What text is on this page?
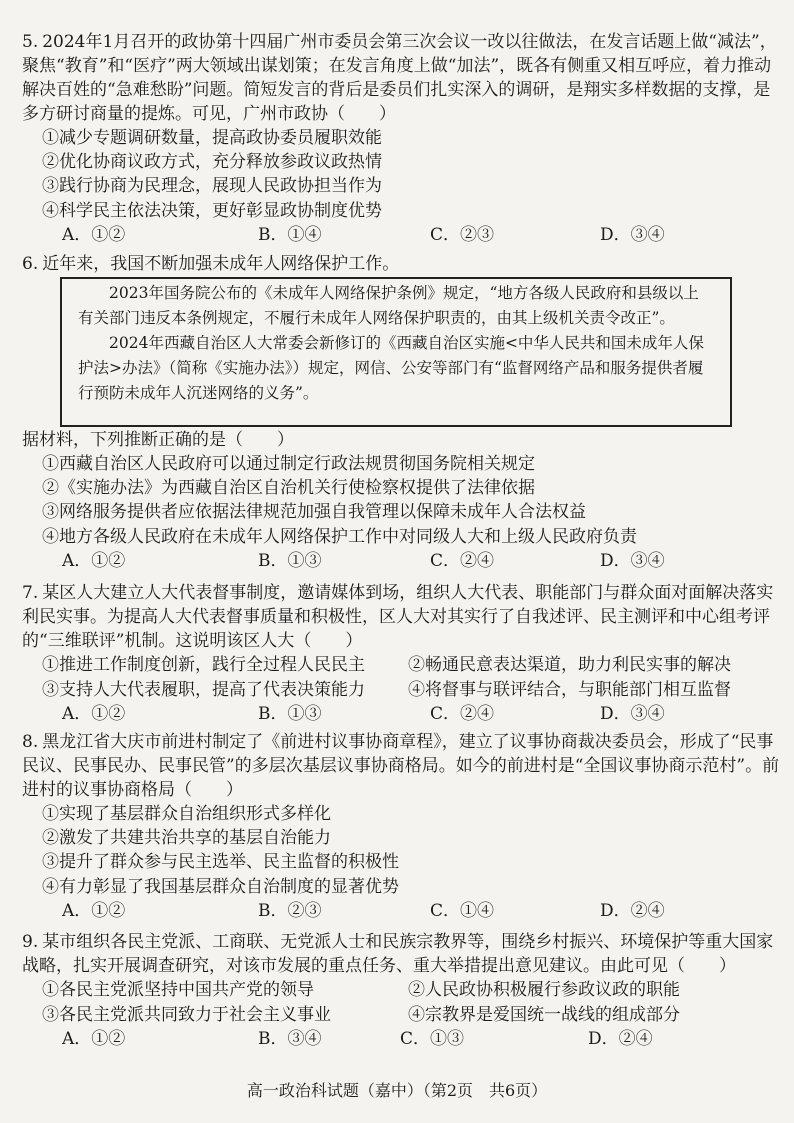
5. 2024年1月召开的政协第十四届广州市委员会第三次会议一改以往做法，在发言话题上做“减法”，聚焦“教育”和“医疗”两大领域出谋划策；在发言角度上做“加法”，既各有侧重又相互呼应，着力推动解决百姓的“急难愁盼”问题。简短发言的背后是委员们扎实深入的调研，是翔实多样数据的支撑，是多方研讨商量的提炼。可见，广州市政协（　　）

①减少专题调研数量，提高政协委员履职效能
②优化协商议政方式，充分释放参政议政热情
③践行协商为民理念，展现人民政协担当作为
④科学民主依法决策，更好彰显政协制度优势
A．①②	B．①④	C．②③	D．③④
6. 近年来，我国不断加强未成年人网络保护工作。

2023年国务院公布的《未成年人网络保护条例》规定，“地方各级人民政府和县级以上有关部门违反本条例规定，不履行未成年人网络保护职责的，由其上级机关责令改正”。

2024年西藏自治区人大常委会新修订的《西藏自治区实施<中华人民共和国未成年人保护法>办法》（简称《实施办法》）规定，网信、公安等部门有“监督网络产品和服务提供者履行预防未成年人沉迷网络的义务”。

据材料，下列推断正确的是（　　）

①西藏自治区人民政府可以通过制定行政法规贯彻国务院相关规定
②《实施办法》为西藏自治区自治机关行使检察权提供了法律依据
③网络服务提供者应依据法律规范加强自我管理以保障未成年人合法权益
④地方各级人民政府在未成年人网络保护工作中对同级人大和上级人民政府负责
A．①②	B．①③	C．②④	D．③④

7. 某区人大建立人大代表督事制度，邀请媒体到场，组织人大代表、职能部门与群众面对面解决落实利民实事。为提高人大代表督事质量和积极性，区人大对其实行了自我述评、民主测评和中心组考评的“三维联评”机制。这说明该区人大（　　）

①推进工作制度创新，践行全过程人民民主	②畅通民意表达渠道，助力利民实事的解决
③支持人大代表履职，提高了代表决策能力	④将督事与联评结合，与职能部门相互监督
A．①②	B．①③	C．②④	D．③④

8. 黑龙江省大庆市前进村制定了《前进村议事协商章程》，建立了议事协商裁决委员会，形成了“民事民议、民事民办、民事民管”的多层次基层议事协商格局。如今的前进村是“全国议事协商示范村”。前进村的议事协商格局（　　）

①实现了基层群众自治组织形式多样化
②激发了共建共治共享的基层自治能力
③提升了群众参与民主选举、民主监督的积极性
④有力彰显了我国基层群众自治制度的显著优势
A．①②	B．②③	C．①④	D．②④

9. 某市组织各民主党派、工商联、无党派人士和民族宗教界等，围绕乡村振兴、环境保护等重大国家战略，扎实开展调查研究，对该市发展的重点任务、重大举措提出意见建议。由此可见（　　）

①各民主党派坚持中国共产党的领导	②人民政协积极履行参政议政的职能
③各民主党派共同致力于社会主义事业	④宗教界是爱国统一战线的组成部分
A．①②	B．③④	C．①③	D．②④
高一政治科试题（嘉中）（第2页　共6页）
